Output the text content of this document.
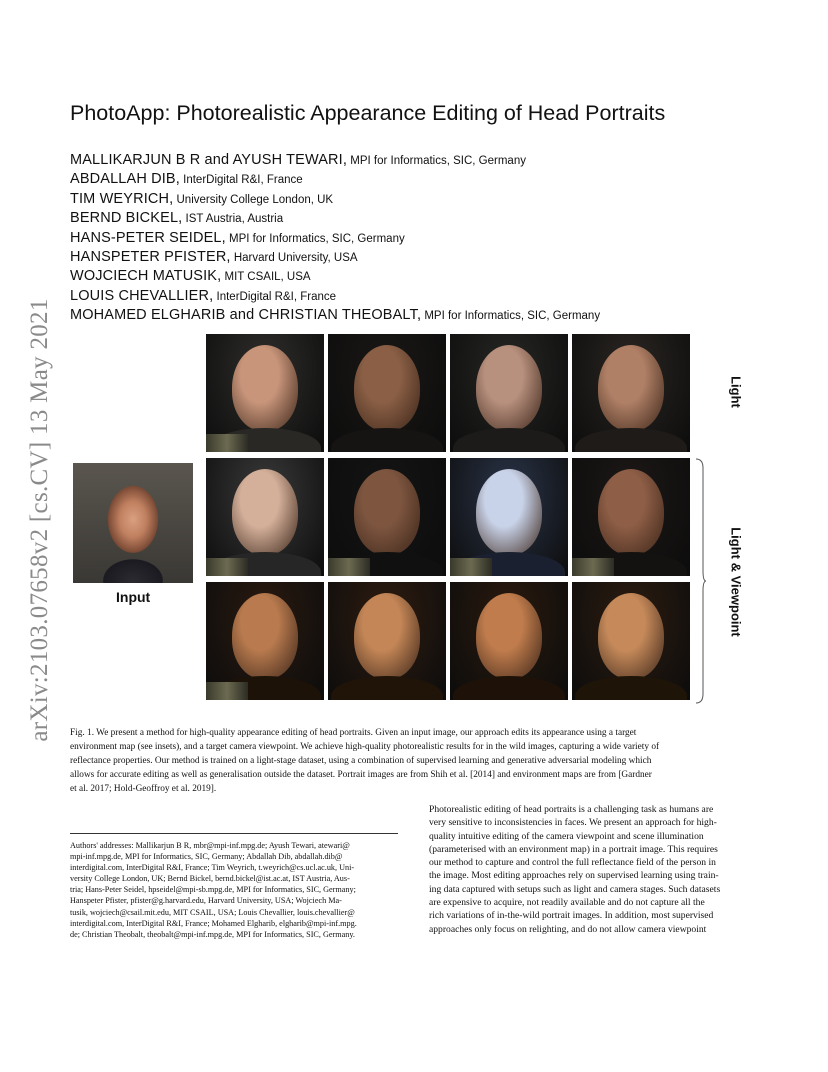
arXiv:2103.07658v2 [cs.CV] 13 May 2021
PhotoApp: Photorealistic Appearance Editing of Head Portraits
MALLIKARJUN B R and AYUSH TEWARI, MPI for Informatics, SIC, Germany
ABDALLAH DIB, InterDigital R&I, France
TIM WEYRICH, University College London, UK
BERND BICKEL, IST Austria, Austria
HANS-PETER SEIDEL, MPI for Informatics, SIC, Germany
HANSPETER PFISTER, Harvard University, USA
WOJCIECH MATUSIK, MIT CSAIL, USA
LOUIS CHEVALLIER, InterDigital R&I, France
MOHAMED ELGHARIB and CHRISTIAN THEOBALT, MPI for Informatics, SIC, Germany
Input
Light
Light & Viewpoint
Fig. 1. We present a method for high-quality appearance editing of head portraits. Given an input image, our approach edits its appearance using a target
environment map (see insets), and a target camera viewpoint. We achieve high-quality photorealistic results for in the wild images, capturing a wide variety of
reflectance properties. Our method is trained on a light-stage dataset, using a combination of supervised learning and generative adversarial modeling which
allows for accurate editing as well as generalisation outside the dataset. Portrait images are from Shih et al. [2014] and environment maps are from [Gardner
et al. 2017; Hold-Geoffroy et al. 2019].
Authors' addresses: Mallikarjun B R, mbr@mpi-inf.mpg.de; Ayush Tewari, atewari@
mpi-inf.mpg.de, MPI for Informatics, SIC, Germany; Abdallah Dib, abdallah.dib@
interdigital.com, InterDigital R&I, France; Tim Weyrich, t.weyrich@cs.ucl.ac.uk, Uni-
versity College London, UK; Bernd Bickel, bernd.bickel@ist.ac.at, IST Austria, Aus-
tria; Hans-Peter Seidel, hpseidel@mpi-sb.mpg.de, MPI for Informatics, SIC, Germany;
Hanspeter Pfister, pfister@g.harvard.edu, Harvard University, USA; Wojciech Ma-
tusik, wojciech@csail.mit.edu, MIT CSAIL, USA; Louis Chevallier, louis.chevallier@
interdigital.com, InterDigital R&I, France; Mohamed Elgharib, elgharib@mpi-inf.mpg.
de; Christian Theobalt, theobalt@mpi-inf.mpg.de, MPI for Informatics, SIC, Germany.
Photorealistic editing of head portraits is a challenging task as humans are
very sensitive to inconsistencies in faces. We present an approach for high-
quality intuitive editing of the camera viewpoint and scene illumination
(parameterised with an environment map) in a portrait image. This requires
our method to capture and control the full reflectance field of the person in
the image. Most editing approaches rely on supervised learning using train-
ing data captured with setups such as light and camera stages. Such datasets
are expensive to acquire, not readily available and do not capture all the
rich variations of in-the-wild portrait images. In addition, most supervised
approaches only focus on relighting, and do not allow camera viewpoint
